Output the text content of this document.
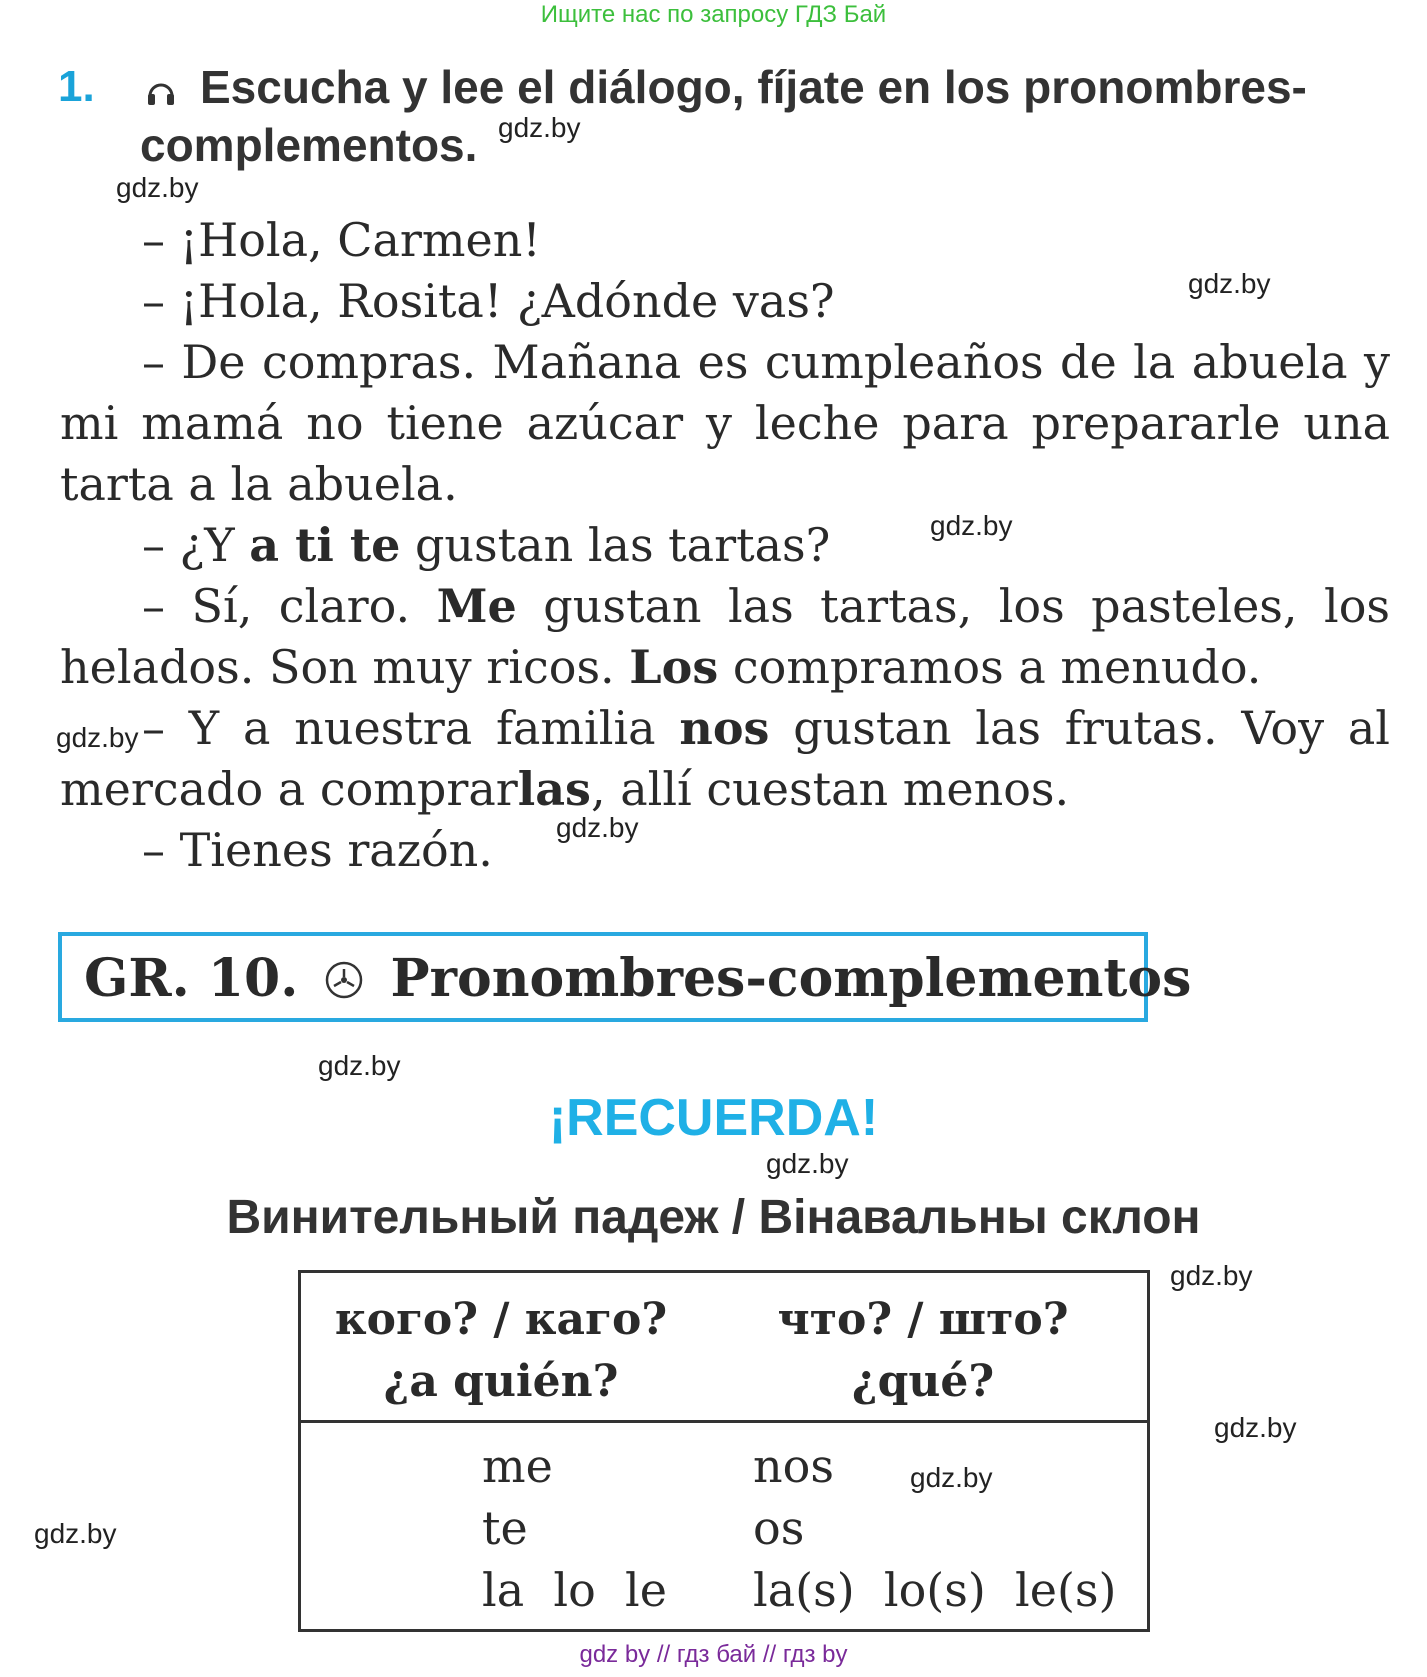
Ищите нас по запросу ГДЗ Бай
1.	Escucha y lee el diálogo, fíjate en los pronombres-complementos.

– ¡Hola, Carmen!

– ¡Hola, Rosita! ¿Adónde vas?

– De compras. Mañana es cumpleaños de la abuela y mi mamá no tiene azúcar y leche para prepararle una tarta a la abuela.

– ¿Y a ti te gustan las tartas?

– Sí, claro. Me gustan las tartas, los pasteles, los helados. Son muy ricos. Los compramos a menudo.

– Y a nuestra familia nos gustan las frutas. Voy al mercado a comprarlas, allí cuestan menos.

– Tienes razón.

GR. 10. Pronombres-complementos
¡RECUERDA!
Винительный падеж / Вінавальны склон
кого? / каго?
¿a quién?
что? / што?
¿qué?
me
te
la  lo  le
nos
os
la(s)  lo(s)  le(s)
gdz.by
gdz.by
gdz.by
gdz.by
gdz.by
gdz.by
gdz.by
gdz.by
gdz.by
gdz.by
gdz.by
gdz.by
gdz by // гдз бай // гдз by
